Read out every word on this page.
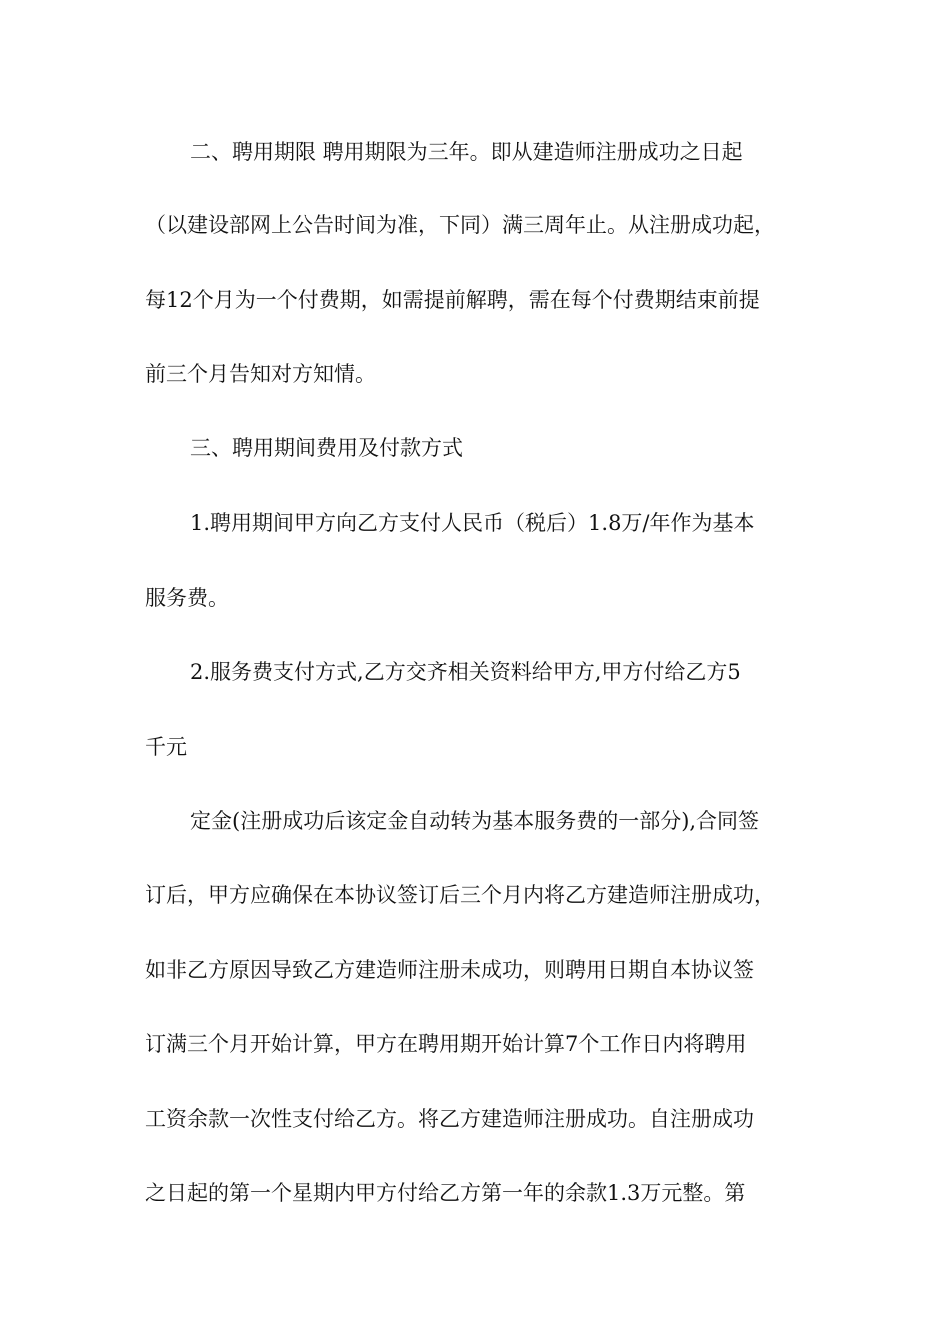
二、聘用期限 聘用期限为三年。即从建造师注册成功之日起
（以建设部网上公告时间为准，下同）满三周年止。从注册成功起，
每12个月为一个付费期，如需提前解聘，需在每个付费期结束前提
前三个月告知对方知情。
三、聘用期间费用及付款方式
1.聘用期间甲方向乙方支付人民币（税后）1.8万/年作为基本
服务费。
2.服务费支付方式,乙方交齐相关资料给甲方,甲方付给乙方5
千元
定金(注册成功后该定金自动转为基本服务费的一部分),合同签
订后，甲方应确保在本协议签订后三个月内将乙方建造师注册成功，
如非乙方原因导致乙方建造师注册未成功，则聘用日期自本协议签
订满三个月开始计算，甲方在聘用期开始计算7个工作日内将聘用
工资余款一次性支付给乙方。将乙方建造师注册成功。自注册成功
之日起的第一个星期内甲方付给乙方第一年的余款1.3万元整。第
